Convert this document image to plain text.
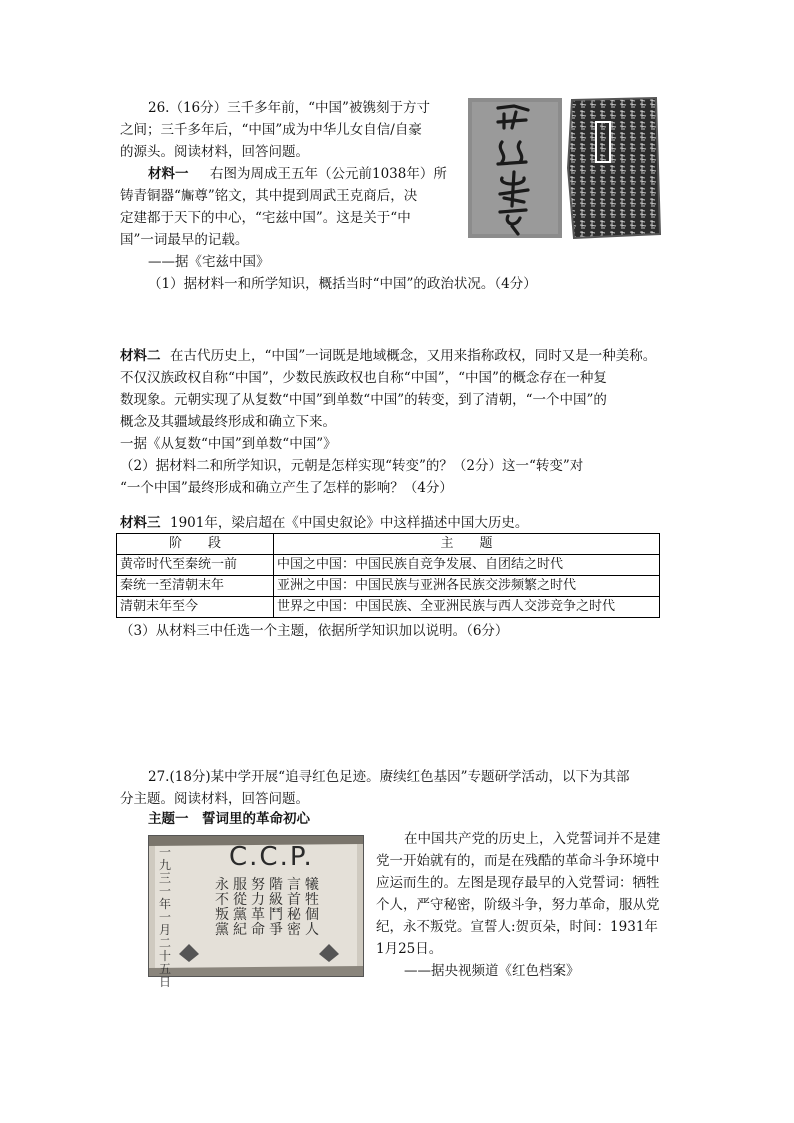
26.（16分）三千多年前，“中国”被镌刻于方寸
之间；三千多年后，“中国”成为中华儿女自信/自豪
的源头。阅读材料，回答问题。
材料一 右图为周成王五年（公元前1038年）所
铸青铜器“𣄨尊”铭文，其中提到周武王克商后，决
定建都于天下的中心，“宅兹中国”。这是关于“中
国”一词最早的记载。
——据《宅兹中国》
（1）据材料一和所学知识，概括当时“中国”的政治状况。（4分）
材料二 在古代历史上，“中国”一词既是地域概念，又用来指称政权，同时又是一种美称。
不仅汉族政权自称“中国”，少数民族政权也自称“中国”，“中国”的概念存在一种复
数现象。元朝实现了从复数“中国”到单数“中国”的转变，到了清朝，“一个中国”的
概念及其疆域最终形成和确立下来。
一据《从复数“中国”到单数“中国”》
（2）据材料二和所学知识，元朝是怎样实现“转变”的？（2分）这一“转变”对
“一个中国”最终形成和确立产生了怎样的影响？（4分）
材料三 1901年，梁启超在《中国史叙论》中这样描述中国大历史。
阶　　段	主　　题
黄帝时代至秦统一前	中国之中国：中国民族自竞争发展、自团结之时代
秦统一至清朝末年	亚洲之中国：中国民族与亚洲各民族交涉频繁之时代
清朝末年至今	世界之中国：中国民族、全亚洲民族与西人交涉竞争之时代
（3）从材料三中任选一个主题，依据所学知识加以说明。（6分）
27.(18分)某中学开展“追寻红色足迹。赓续红色基因”专题研学活动，以下为其部
分主题。阅读材料，回答问题。
主题一　誓词里的革命初心
C.C.P.
一九三一年一月二十五日
犧牲個人
言首秘密
階級鬥爭
努力革命
服從黨紀
永不叛黨
在中国共产党的历史上，入党誓词并不是建
党一开始就有的，而是在残酷的革命斗争环境中
应运而生的。左图是现存最早的入党誓词：牺牲
个人，严守秘密，阶级斗争，努力革命，服从党
纪，永不叛党。宣誓人:贺页朵，时间：1931年
1月25日。
——据央视频道《红色档案》
